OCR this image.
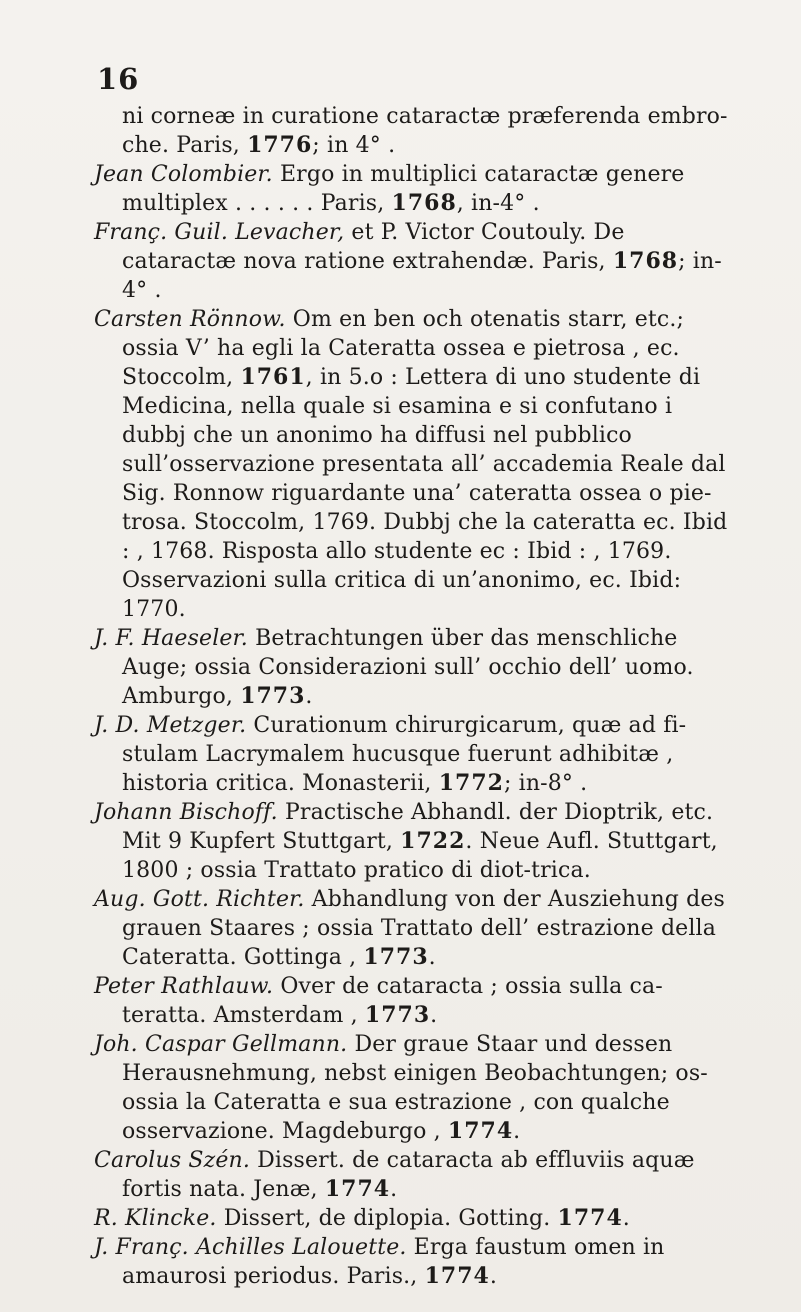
16

ni corneæ in curatione cataractæ præferenda embro-che. Paris, 1776; in 4° .

Jean Colombier. Ergo in multiplici cataractæ genere multiplex . . . . . . Paris, 1768, in-4° .

Franç. Guil. Levacher, et P. Victor Coutouly. De cataractæ nova ratione extrahendæ. Paris, 1768; in-4° .

Carsten Rönnow. Om en ben och otenatis starr, etc.; ossia V’ ha egli la Cateratta ossea e pietrosa , ec. Stoccolm, 1761, in 5.o : Lettera di uno studente di Medicina, nella quale si esamina e si confutano i dubbj che un anonimo ha diffusi nel pubblico sull’osservazione presentata all’ accademia Reale dal Sig. Ronnow riguardante una’ cateratta ossea o pie-trosa. Stoccolm, 1769. Dubbj che la cateratta ec. Ibid : , 1768. Risposta allo studente ec : Ibid : , 1769. Osservazioni sulla critica di un’anonimo, ec. Ibid: 1770.

J. F. Haeseler. Betrachtungen über das menschliche Auge; ossia Considerazioni sull’ occhio dell’ uomo. Amburgo, 1773.

J. D. Metzger. Curationum chirurgicarum, quæ ad fi-stulam Lacrymalem hucusque fuerunt adhibitæ , historia critica. Monasterii, 1772; in-8° .

Johann Bischoff. Practische Abhandl. der Dioptrik, etc. Mit 9 Kupfert Stuttgart, 1722. Neue Aufl. Stuttgart, 1800 ; ossia Trattato pratico di diot-trica.

Aug. Gott. Richter. Abhandlung von der Ausziehung des grauen Staares ; ossia Trattato dell’ estrazione della Cateratta. Gottinga , 1773.

Peter Rathlauw. Over de cataracta ; ossia sulla ca-teratta. Amsterdam , 1773.

Joh. Caspar Gellmann. Der graue Staar und dessen Herausnehmung, nebst einigen Beobachtungen; os-ossia la Cateratta e sua estrazione , con qualche osservazione. Magdeburgo , 1774.

Carolus Szén. Dissert. de cataracta ab effluviis aquæ fortis nata. Jenæ, 1774.

R. Klincke. Dissert, de diplopia. Gotting. 1774.

J. Franç. Achilles Lalouette. Erga faustum omen in amaurosi periodus. Paris., 1774.
